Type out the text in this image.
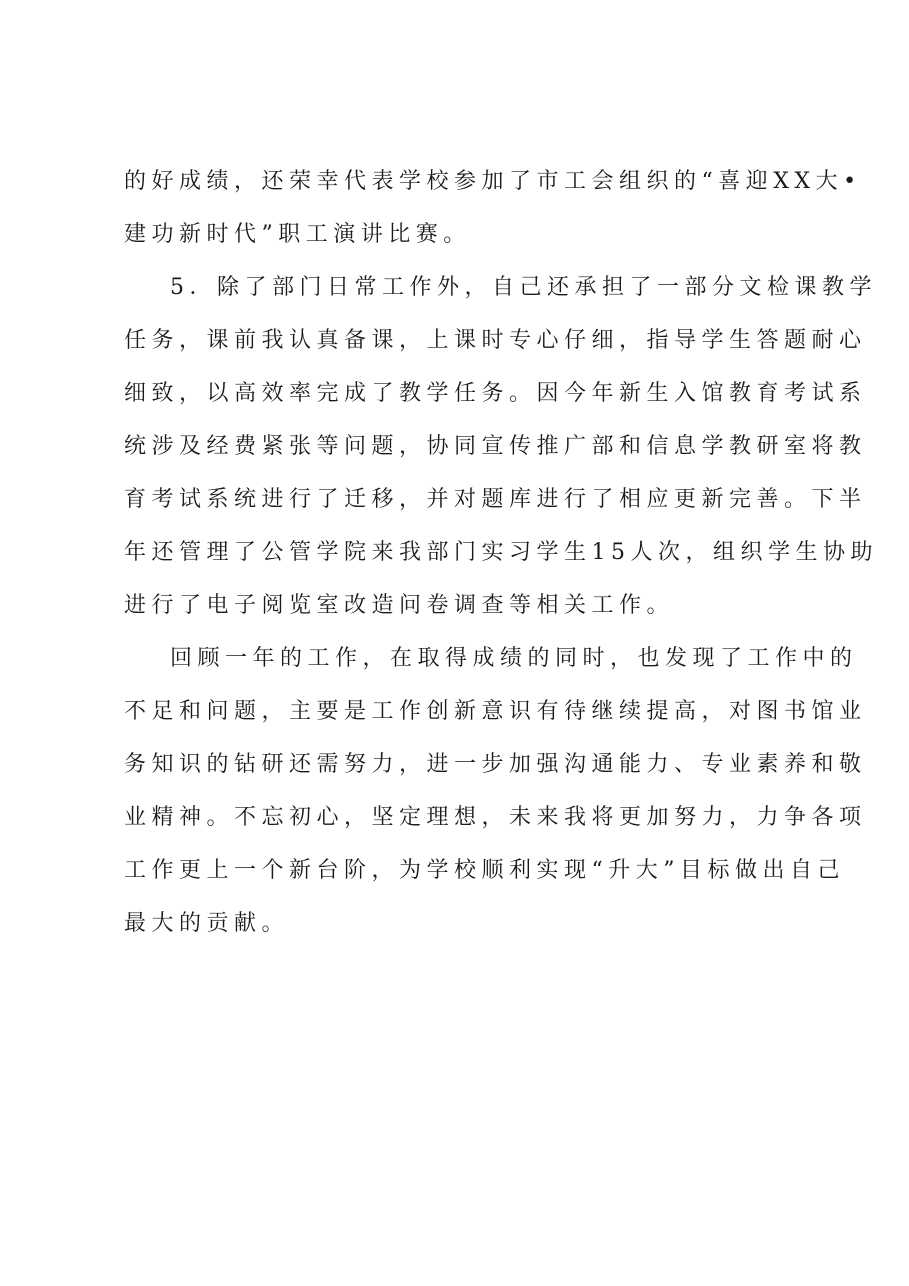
的好成绩，还荣幸代表学校参加了市工会组织的“喜迎XX大•
建功新时代”职工演讲比赛。
5．除了部门日常工作外，自己还承担了一部分文检课教学
任务，课前我认真备课，上课时专心仔细，指导学生答题耐心
细致，以高效率完成了教学任务。因今年新生入馆教育考试系
统涉及经费紧张等问题，协同宣传推广部和信息学教研室将教
育考试系统进行了迁移，并对题库进行了相应更新完善。下半
年还管理了公管学院来我部门实习学生15人次，组织学生协助
进行了电子阅览室改造问卷调查等相关工作。
回顾一年的工作，在取得成绩的同时，也发现了工作中的
不足和问题，主要是工作创新意识有待继续提高，对图书馆业
务知识的钻研还需努力，进一步加强沟通能力、专业素养和敬
业精神。不忘初心，坚定理想，未来我将更加努力，力争各项
工作更上一个新台阶，为学校顺利实现“升大”目标做出自己
最大的贡献。
